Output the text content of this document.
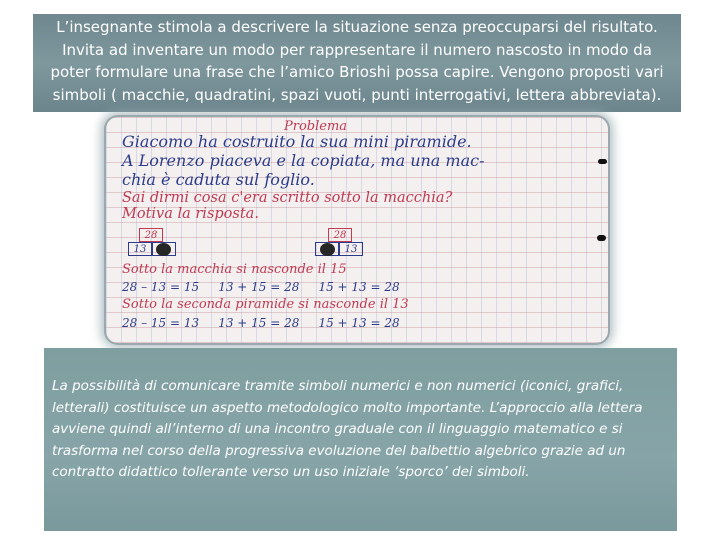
L’insegnante stimola a descrivere la situazione senza preoccuparsi del risultato. Invita ad inventare un modo per rappresentare il numero nascosto in modo da poter formulare una frase che l’amico Brioshi possa capire. Vengono proposti vari simboli ( macchie, quadratini, spazi vuoti, punti interrogativi, lettera abbreviata).
Problema
Giacomo ha costruito la sua mini piramide.
A Lorenzo piaceva e la copiata, ma una mac-
chia è caduta sul foglio.
Sai dirmi cosa c'era scritto sotto la macchia?
Motiva la risposta.
28
13
28
13
Sotto la macchia si nasconde il 15
28 – 13 = 15     13 + 15 = 28     15 + 13 = 28
Sotto la seconda piramide si nasconde il 13
28 – 15 = 13     13 + 15 = 28     15 + 13 = 28
La possibilità di comunicare tramite simboli numerici e non numerici (iconici, grafici, letterali) costituisce un aspetto metodologico molto importante. L’approccio alla lettera avviene quindi all’interno di una incontro graduale con il linguaggio matematico e si trasforma nel corso della progressiva evoluzione del balbettio algebrico grazie ad un contratto didattico tollerante verso un uso iniziale ‘sporco’ dei simboli.
